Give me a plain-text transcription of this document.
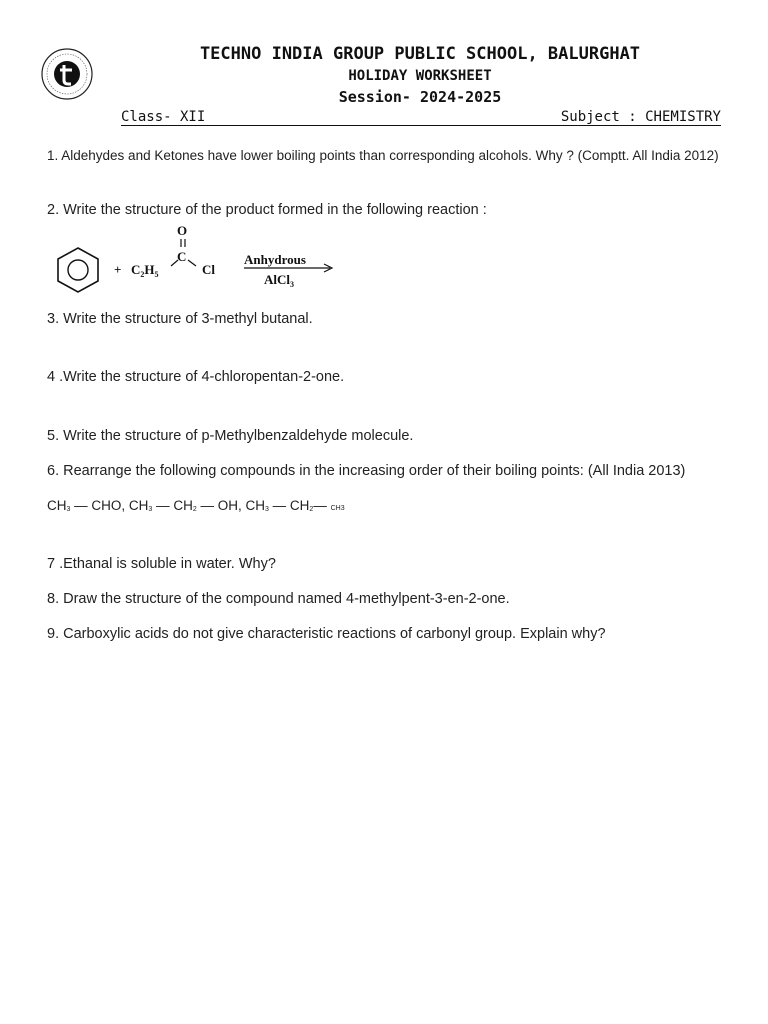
TECHNO INDIA GROUP PUBLIC SCHOOL, BALURGHAT
HOLIDAY WORKSHEET
Session- 2024-2025
Class- XII	Subject : CHEMISTRY
1. Aldehydes and Ketones have lower boiling points than corresponding alcohols. Why ? (Comptt. All India 2012)
2. Write the structure of the product formed in the following reaction :
+ $C_2H_5$
O
C
Cl
Anhydrous
AlCl$_3$
3. Write the structure of 3-methyl butanal.
4 .Write the structure of 4-chloropentan-2-one.
5. Write the structure of p-Methylbenzaldehyde molecule.
6. Rearrange the following compounds in the increasing order of their boiling points: (All India 2013)
$CH_3$ — CHO, $CH_3$ — $CH_2$ — OH, $CH_3$ — $CH_2—$ CH3
7 .Ethanal is soluble in water. Why?
8. Draw the structure of the compound named 4-methylpent-3-en-2-one.
9. Carboxylic acids do not give characteristic reactions of carbonyl group. Explain why?
